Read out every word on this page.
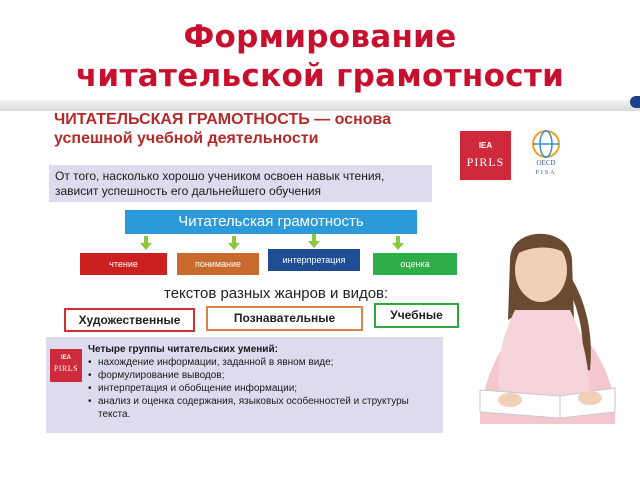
Формирование
читательской грамотности
ЧИТАТЕЛЬСКАЯ ГРАМОТНОСТЬ — основа
успешной учебной деятельности
От того, насколько хорошо учеником освоен навык чтения,
зависит успешность его дальнейшего обучения
Читательская грамотность
чтение	понимание	интерпретация	оценка
текстов разных жанров и видов:
Художественные	Познавательные	Учебные
IEA
PIRLS
Четыре группы читательских умений:
• нахождение информации, заданной в явном виде;
• формулирование выводов;
• интерпретация и обобщение информации;
• анализ и оценка содержания, языковых особенностей и структуры текста.
IEA
PIRLS	OECD
PISA
